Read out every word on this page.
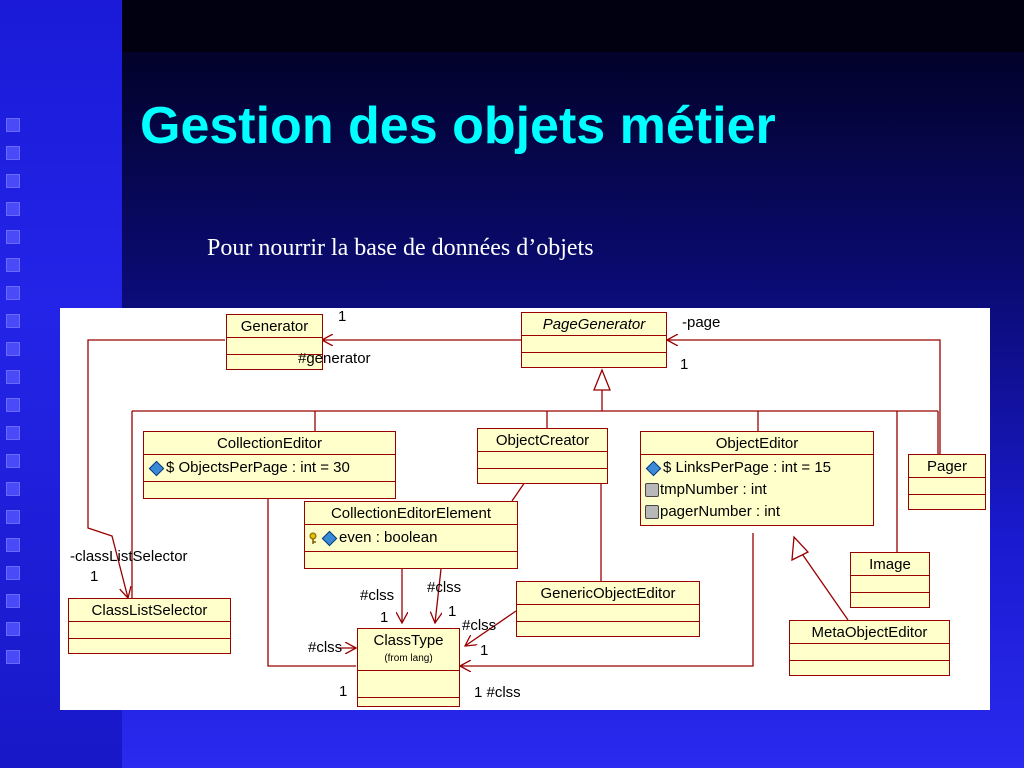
Gestion des objets métier
Pour nourrir la base de données d’objets
Generator	PageGenerator
CollectionEditor
$ ObjectsPerPage : int = 30
ObjectCreator	ObjectEditor
$ LinksPerPage : int = 15
tmpNumber : int
pagerNumber : int
Pager
CollectionEditorElement
even : boolean
Image
ClassListSelector
GenericObjectEditor
ClassType
(from lang)
MetaObjectEditor
1
#generator
-page
1
-classListSelector
1
#clss
1
#clss
1
#clss
1
#clss
1	1 #clss
